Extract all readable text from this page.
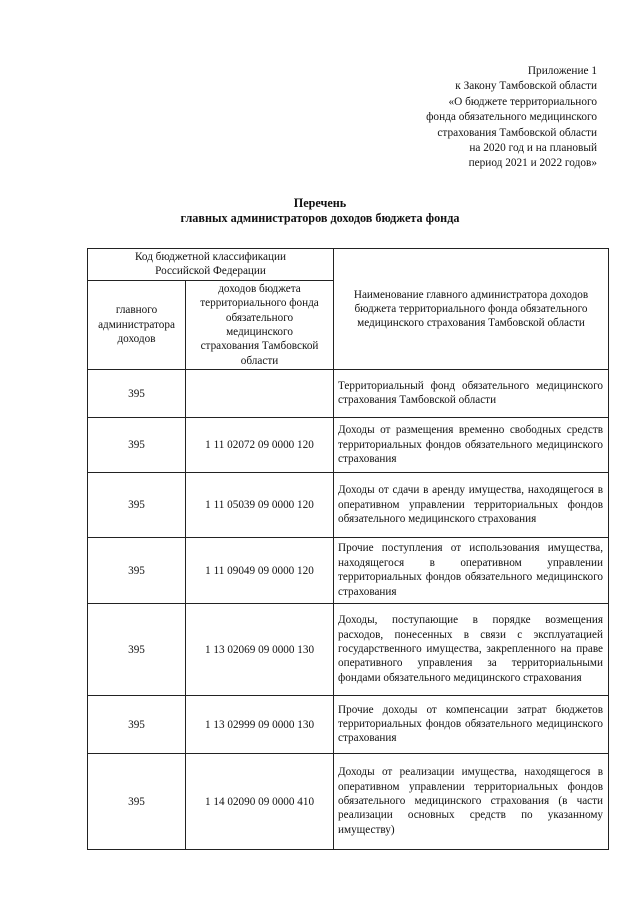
Приложение 1
к Закону Тамбовской области
«О бюджете территориального
фонда обязательного медицинского
страхования Тамбовской области
на 2020 год и на плановый
период 2021 и 2022 годов»
Перечень
главных администраторов доходов бюджета фонда
Код бюджетной классификации Российской Федерации		Наименование главного администратора доходов бюджета территориального фонда обязательного медицинского страхования Тамбовской области
главного администратора доходов	доходов бюджета территориального фонда обязательного медицинского страхования Тамбовской области	
395		Территориальный фонд обязательного медицинского страхования Тамбовской области
395	1 11 02072 09 0000 120	Доходы от размещения временно свободных средств территориальных фондов обязательного медицинского страхования
395	1 11 05039 09 0000 120	Доходы от сдачи в аренду имущества, находящегося в оперативном управлении территориальных фондов обязательного медицинского страхования
395	1 11 09049 09 0000 120	Прочие поступления от использования имущества, находящегося в оперативном управлении территориальных фондов обязательного медицинского страхования
395	1 13 02069 09 0000 130	Доходы, поступающие в порядке возмещения расходов, понесенных в связи с эксплуатацией государственного имущества, закрепленного на праве оперативного управления за территориальными фондами обязательного медицинского страхования
395	1 13 02999 09 0000 130	Прочие доходы от компенсации затрат бюджетов территориальных фондов обязательного медицинского страхования
395	1 14 02090 09 0000 410	Доходы от реализации имущества, находящегося в оперативном управлении территориальных фондов обязательного медицинского страхования (в части реализации основных средств по указанному имуществу)
